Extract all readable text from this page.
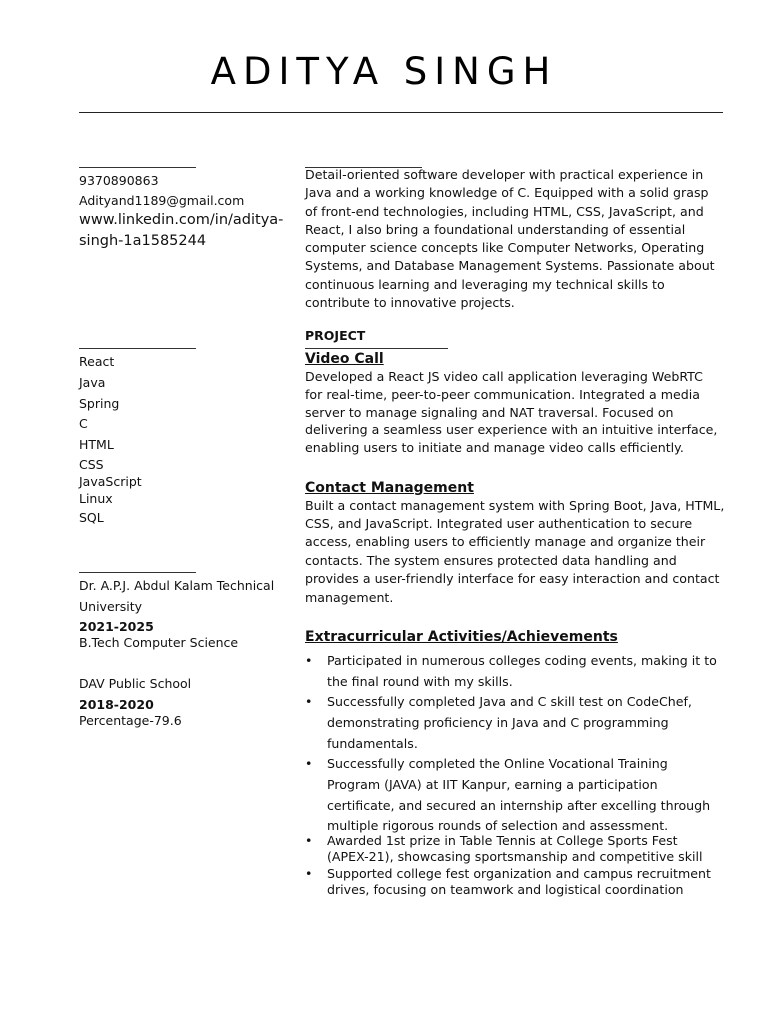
ADITYA SINGH
9370890863
Adityand1189@gmail.com
www.linkedin.com/in/aditya-
singh-1a1585244
React
Java
Spring
C
HTML
CSS
JavaScript
Linux
SQL
Dr. A.P.J. Abdul Kalam Technical
University
2021-2025
B.Tech Computer Science
DAV Public School
2018-2020
Percentage-79.6
Detail-oriented software developer with practical experience in
Java and a working knowledge of C. Equipped with a solid grasp
of front-end technologies, including HTML, CSS, JavaScript, and
React, I also bring a foundational understanding of essential
computer science concepts like Computer Networks, Operating
Systems, and Database Management Systems. Passionate about
continuous learning and leveraging my technical skills to
contribute to innovative projects.
PROJECT
Video Call
Developed a React JS video call application leveraging WebRTC
for real-time, peer-to-peer communication. Integrated a media
server to manage signaling and NAT traversal. Focused on
delivering a seamless user experience with an intuitive interface,
enabling users to initiate and manage video calls efficiently.
Contact Management
Built a contact management system with Spring Boot, Java, HTML,
CSS, and JavaScript. Integrated user authentication to secure
access, enabling users to efficiently manage and organize their
contacts. The system ensures protected data handling and
provides a user-friendly interface for easy interaction and contact
management.
Extracurricular Activities/Achievements
• Participated in numerous colleges coding events, making it to
the final round with my skills.
• Successfully completed Java and C skill test on CodeChef,
demonstrating proficiency in Java and C programming
fundamentals.
• Successfully completed the Online Vocational Training
Program (JAVA) at IIT Kanpur, earning a participation
certificate, and secured an internship after excelling through
multiple rigorous rounds of selection and assessment.
• Awarded 1st prize in Table Tennis at College Sports Fest
(APEX-21), showcasing sportsmanship and competitive skill
• Supported college fest organization and campus recruitment
drives, focusing on teamwork and logistical coordination
